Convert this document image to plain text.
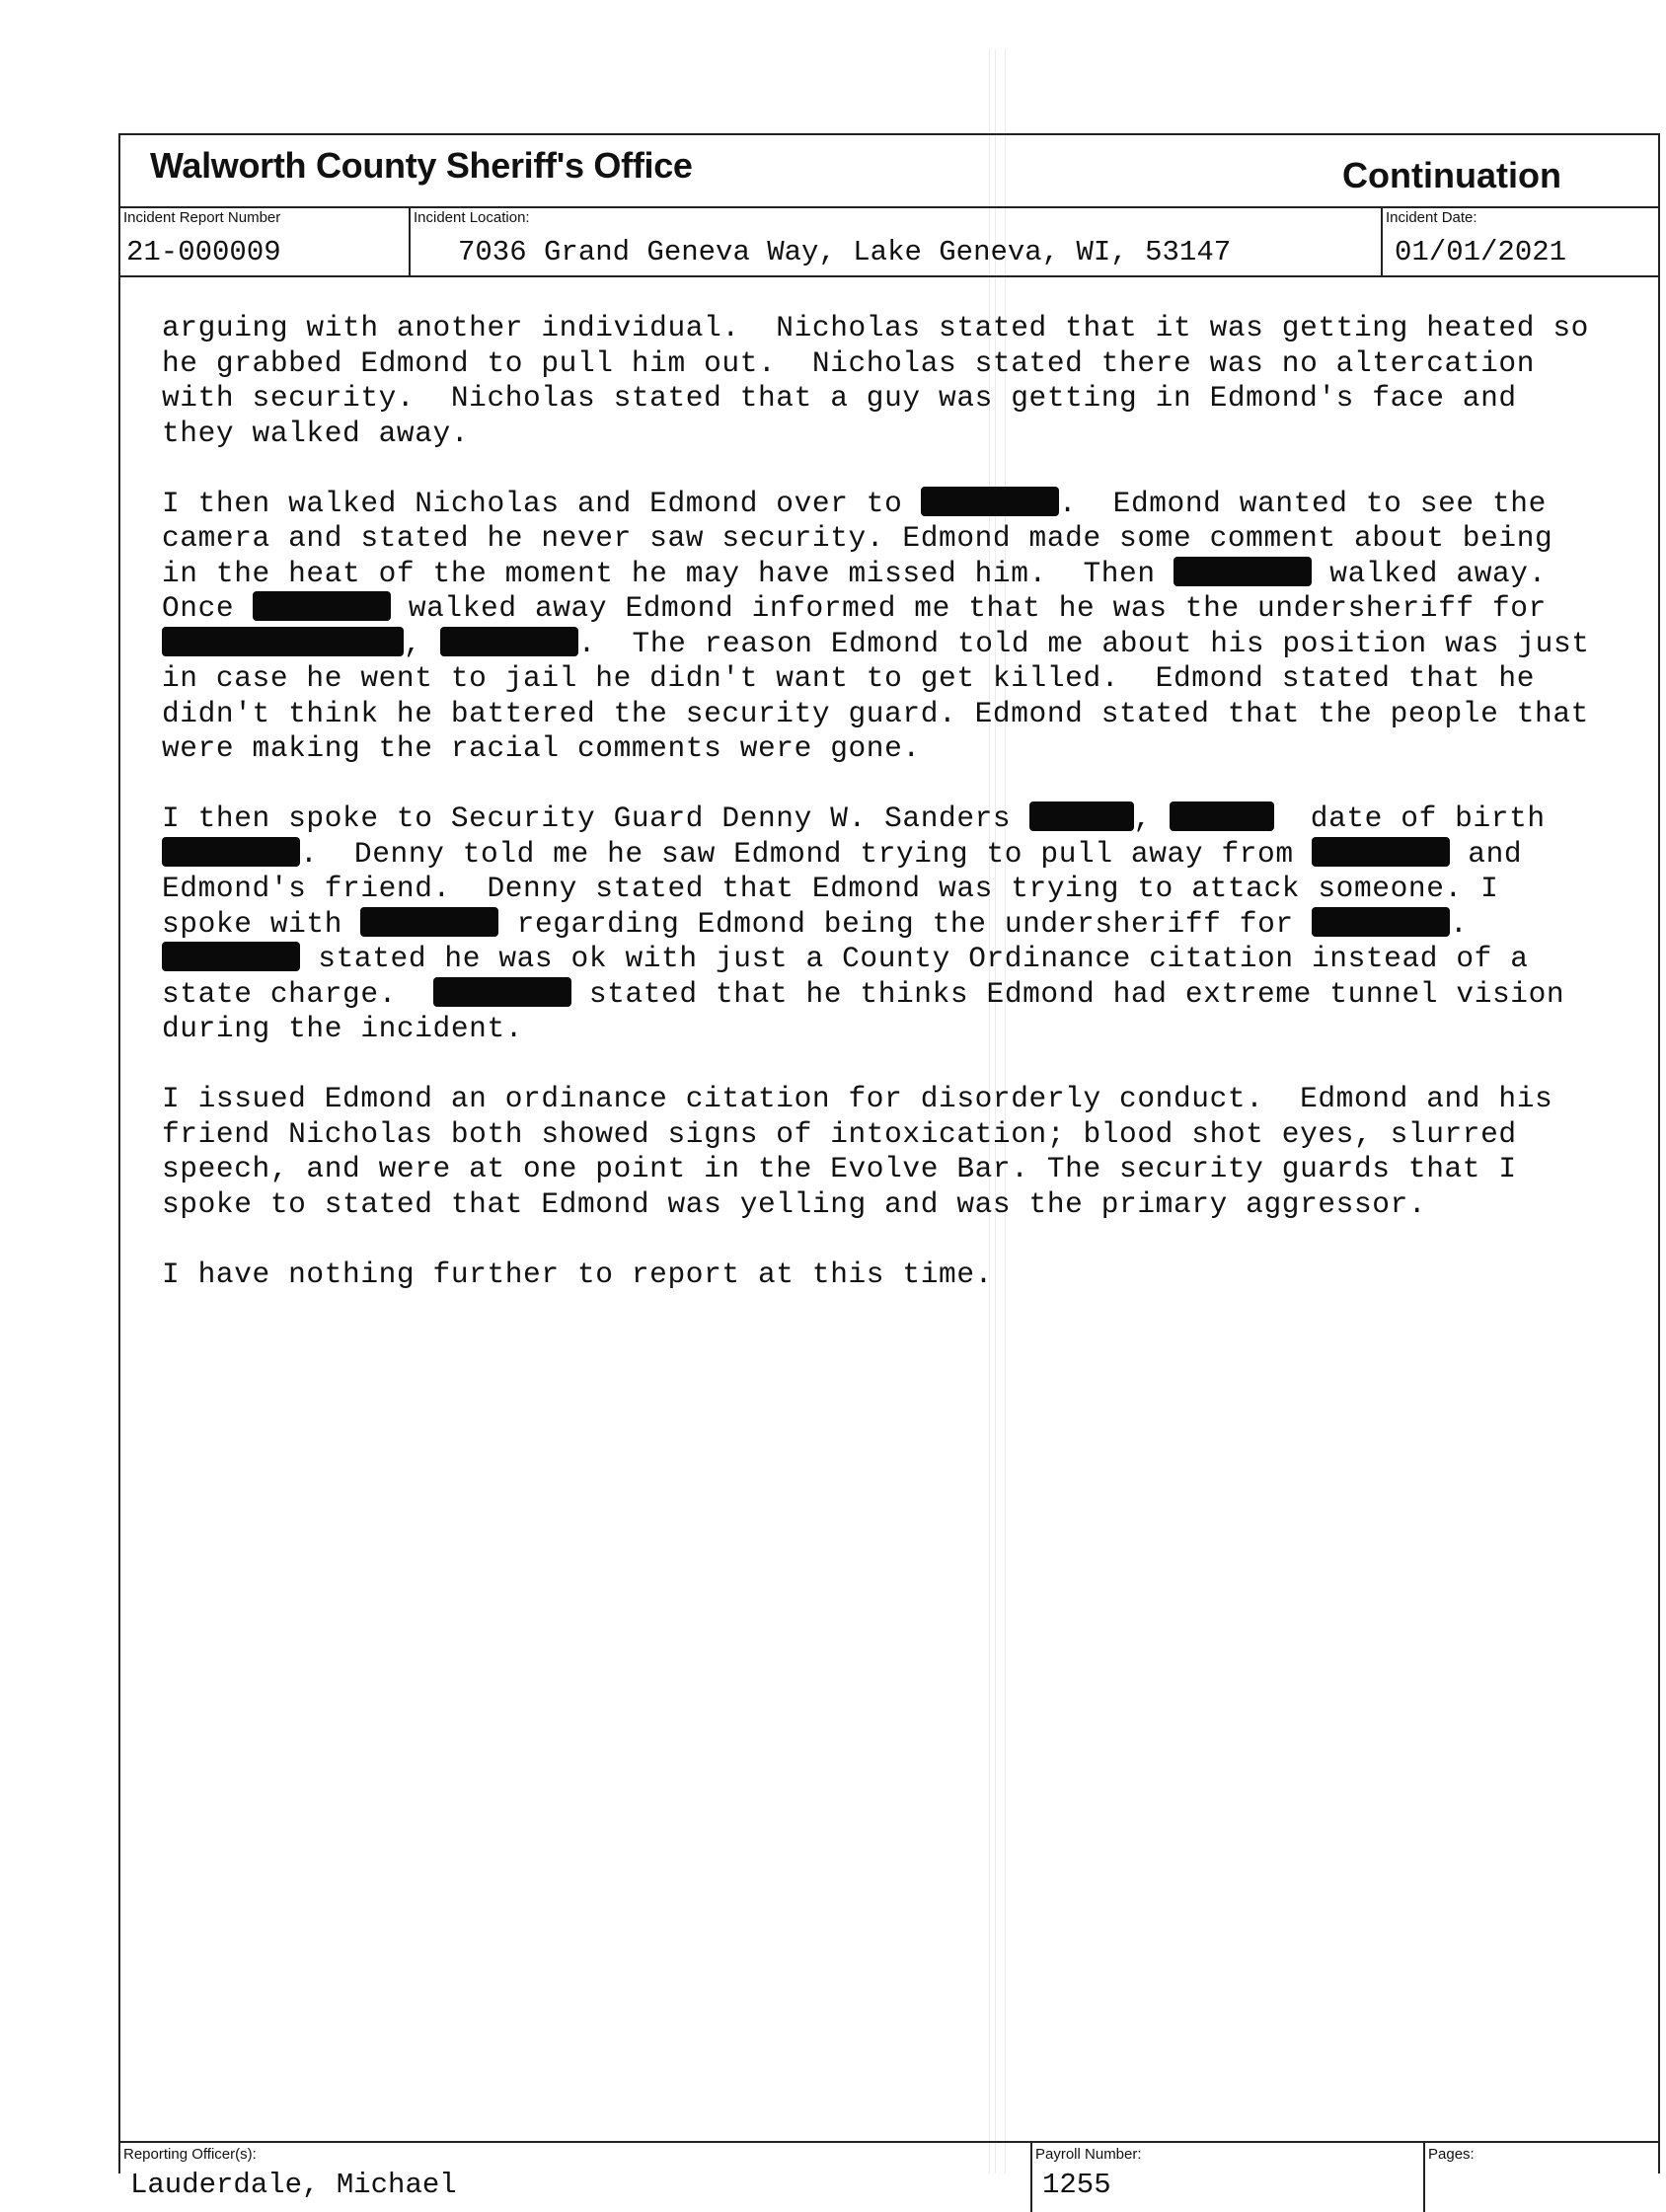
Walworth County Sheriff's Office	Continuation
Incident Report Number
21-000009
Incident Location:
7036 Grand Geneva Way, Lake Geneva, WI, 53147
Incident Date:
01/01/2021

arguing with another individual.  Nicholas stated that it was getting heated so
he grabbed Edmond to pull him out.  Nicholas stated there was no altercation
with security.  Nicholas stated that a guy was getting in Edmond's face and
they walked away.

I then walked Nicholas and Edmond over to	.  Edmond wanted to see the
camera and stated he never saw security. Edmond made some comment about being
in the heat of the moment he may have missed him.  Then	walked away.
Once	walked away Edmond informed me that he was the undersheriff for
,	.  The reason Edmond told me about his position was just
in case he went to jail he didn't want to get killed.  Edmond stated that he
didn't think he battered the security guard. Edmond stated that the people that
were making the racial comments were gone.

I then spoke to Security Guard Denny W. Sanders	,	date of birth
.  Denny told me he saw Edmond trying to pull away from	and
Edmond's friend.  Denny stated that Edmond was trying to attack someone. I
spoke with	regarding Edmond being the undersheriff for	.
stated he was ok with just a County Ordinance citation instead of a
state charge.	stated that he thinks Edmond had extreme tunnel vision
during the incident.

I issued Edmond an ordinance citation for disorderly conduct.  Edmond and his
friend Nicholas both showed signs of intoxication; blood shot eyes, slurred
speech, and were at one point in the Evolve Bar. The security guards that I
spoke to stated that Edmond was yelling and was the primary aggressor.

I have nothing further to report at this time.

Reporting Officer(s):
Lauderdale, Michael
Payroll Number:
1255
Pages:
